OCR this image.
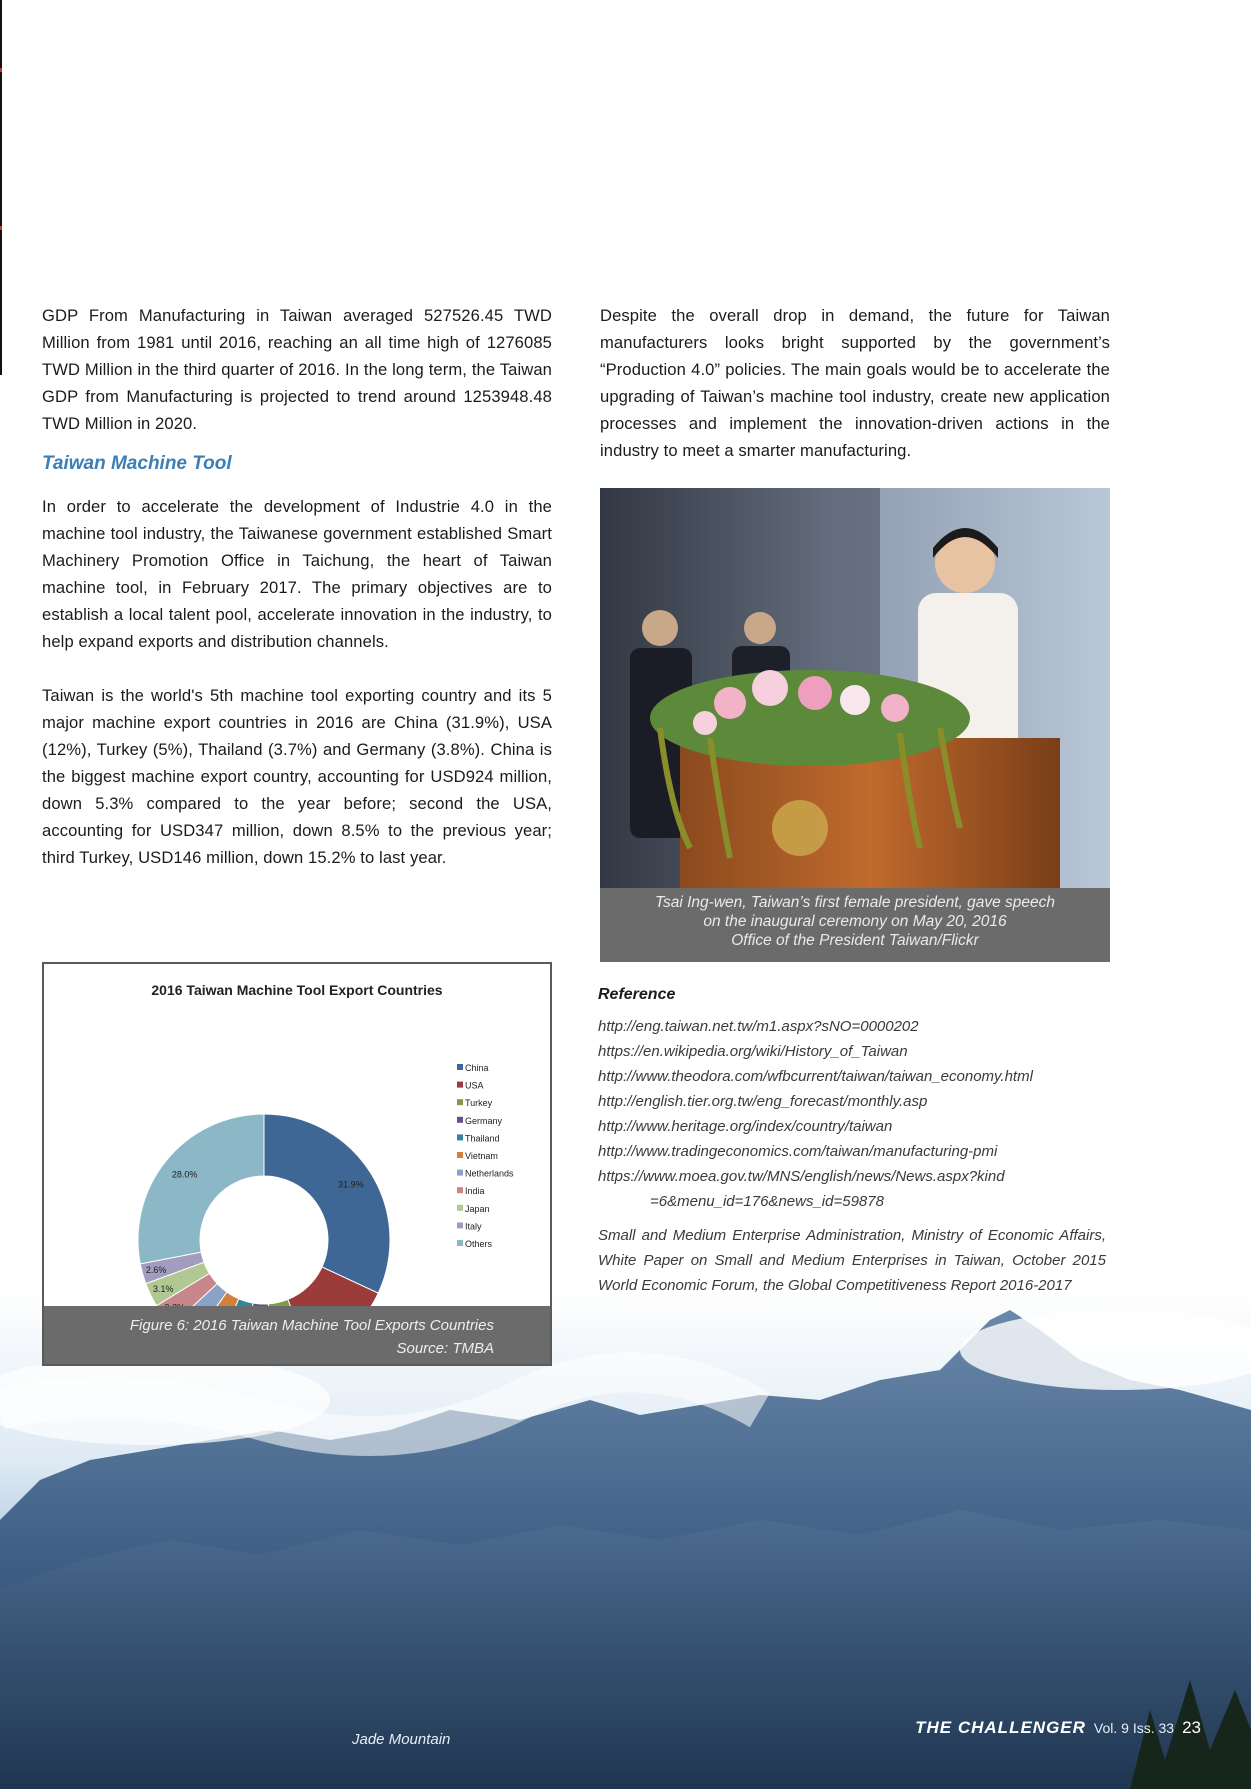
GDP From Manufacturing in Taiwan averaged 527526.45 TWD Million from 1981 until 2016, reaching an all time high of 1276085 TWD Million in the third quarter of 2016. In the long term, the Taiwan GDP from Manufacturing is projected to trend around 1253948.48 TWD Million in 2020.

Taiwan Machine Tool

In order to accelerate the development of Industrie 4.0 in the machine tool industry, the Taiwanese government established Smart Machinery Promotion Office in Taichung, the heart of Taiwan machine tool, in February 2017. The primary objectives are to establish a local talent pool, accelerate innovation in the industry, to help expand exports and distribution channels.

Taiwan is the world's 5th machine tool exporting country and its 5 major machine export countries in 2016 are China (31.9%), USA (12%), Turkey (5%), Thailand (3.7%) and Germany (3.8%). China is the biggest machine export country, accounting for USD924 million, down 5.3% compared to the year before; second the USA, accounting for USD347 million, down 8.5% to the previous year; third Turkey, USD146 million, down 15.2% to last year.

Despite the overall drop in demand, the future for Taiwan manufacturers looks bright supported by the government’s “Production 4.0” policies. The main goals would be to accelerate the upgrading of Taiwan’s machine tool industry, create new application processes and implement the innovation-driven actions in the industry to meet a smarter manufacturing.

2016 Taiwan Machine Tool Export Countries
31.9%
3.1%
2.6%
28.0%
China
USA
Turkey
Germany
Thailand
Vietnam
Netherlands
India
Japan
Italy
Others
Figure 6: 2016 Taiwan Machine Tool Exports Countries
Source: TMBA
Tsai Ing-wen, Taiwan’s first female president, gave speech
on the inaugural ceremony on May 20, 2016
Office of the President Taiwan/Flickr
Reference
http://eng.taiwan.net.tw/m1.aspx?sNO=0000202
https://en.wikipedia.org/wiki/History_of_Taiwan
http://www.theodora.com/wfbcurrent/taiwan/taiwan_economy.html
http://english.tier.org.tw/eng_forecast/monthly.asp
http://www.heritage.org/index/country/taiwan
http://www.tradingeconomics.com/taiwan/manufacturing-pmi
https://www.moea.gov.tw/MNS/english/news/News.aspx?kind
=6&menu_id=176&news_id=59878
Small and Medium Enterprise Administration, Ministry of Economic Affairs, White Paper on Small and Medium Enterprises in Taiwan, October 2015 World Economic Forum, the Global Competitiveness Report 2016-2017
Jade Mountain
THE CHALLENGER Vol. 9 Iss. 33 23
